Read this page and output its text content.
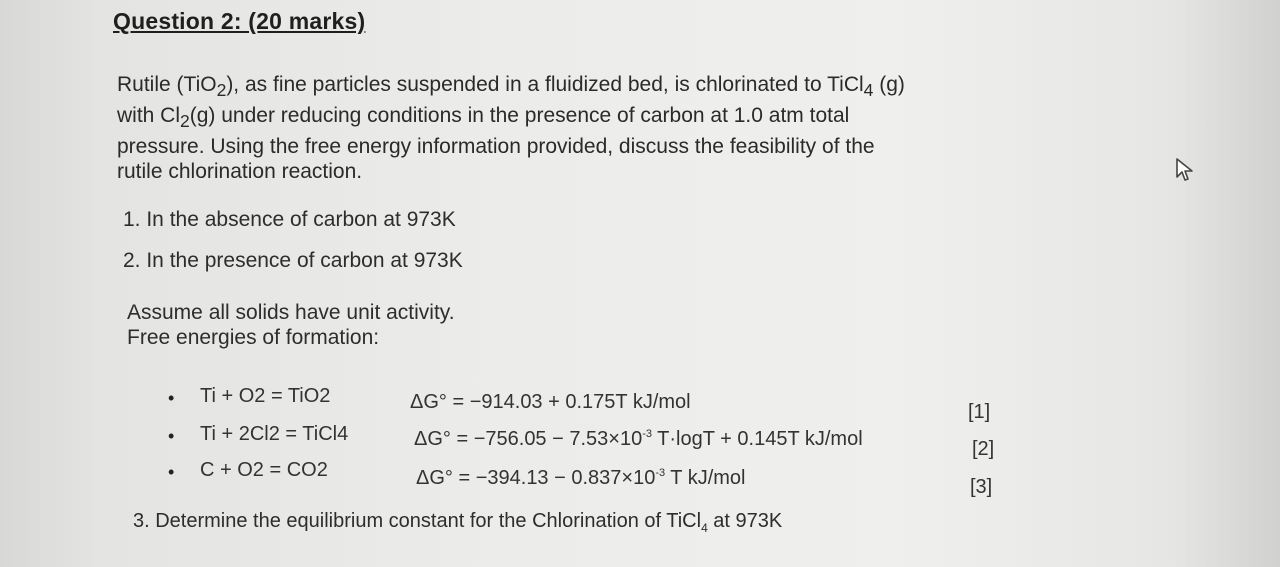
Question 2: (20 marks)
Rutile (TiO$_2$), as fine particles suspended in a fluidized bed, is chlorinated to TiCl$_4$ (g)
with $Cl_2(g)$ under reducing conditions in the presence of carbon at 1.0 atm total
pressure. Using the free energy information provided, discuss the feasibility of the
rutile chlorination reaction.
1. In the absence of carbon at 973K
2. In the presence of carbon at 973K
Assume all solids have unit activity.
Free energies of formation:
• Ti + O2 = TiO2	ΔG° = −914.03 + 0.175T kJ/mol	[1]
• Ti + 2Cl2 = TiCl4	$\Delta G^\circ = -756.05 - 7.53\times 10^{-3}$ T·logT + 0.145T kJ/mol	[2]
• C + O2 = CO2	$\Delta G^\circ = -394.13 - 0.837\times 10^{-3}$ T kJ/mol	[3]
3. Determine the equilibrium constant for the Chlorination of TiCl$_4$ at 973K
